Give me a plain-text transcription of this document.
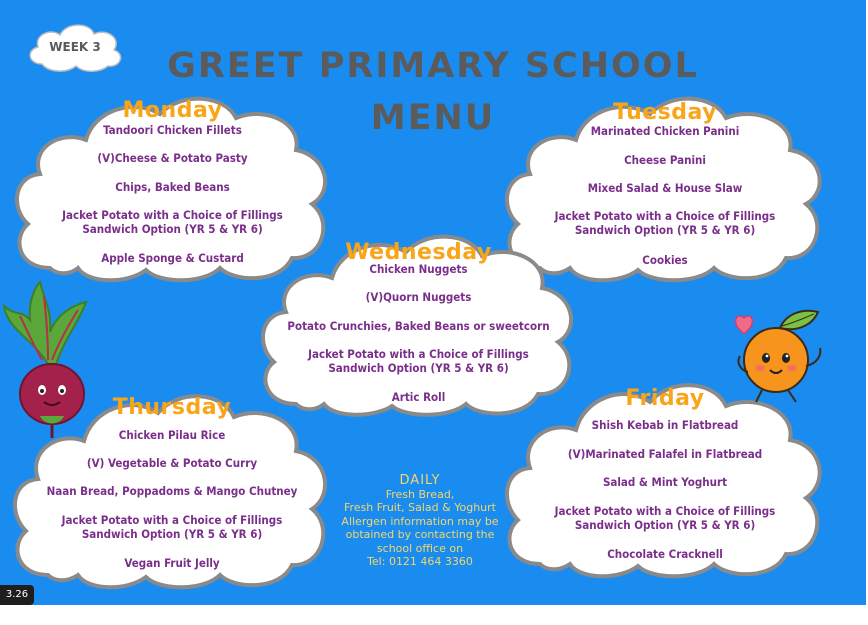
WEEK 3	GREET PRIMARY SCHOOL
MENU
Monday
Tandoori Chicken Fillets
(V)Cheese & Potato Pasty
Chips, Baked Beans
Jacket Potato with a Choice of Fillings
Sandwich Option (YR 5 & YR 6)
Apple Sponge & Custard
Tuesday
Marinated Chicken Panini
Cheese Panini
Mixed Salad & House Slaw
Jacket Potato with a Choice of Fillings
Sandwich Option (YR 5 & YR 6)
Cookies
Wednesday
Chicken Nuggets
(V)Quorn Nuggets
Potato Crunchies, Baked Beans or sweetcorn
Jacket Potato with a Choice of Fillings
Sandwich Option (YR 5 & YR 6)
Artic Roll
Thursday
Chicken Pilau Rice
(V) Vegetable & Potato Curry
Naan Bread, Poppadoms & Mango Chutney
Jacket Potato with a Choice of Fillings
Sandwich Option (YR 5 & YR 6)
Vegan Fruit Jelly
Friday
Shish Kebab in Flatbread
(V)Marinated Falafel in Flatbread
Salad & Mint Yoghurt
Jacket Potato with a Choice of Fillings
Sandwich Option (YR 5 & YR 6)
Chocolate Cracknell
DAILY
Fresh Bread,
Fresh Fruit, Salad & Yoghurt
Allergen information may be
obtained by contacting the
school office on
Tel: 0121 464 3360
3.26 in
